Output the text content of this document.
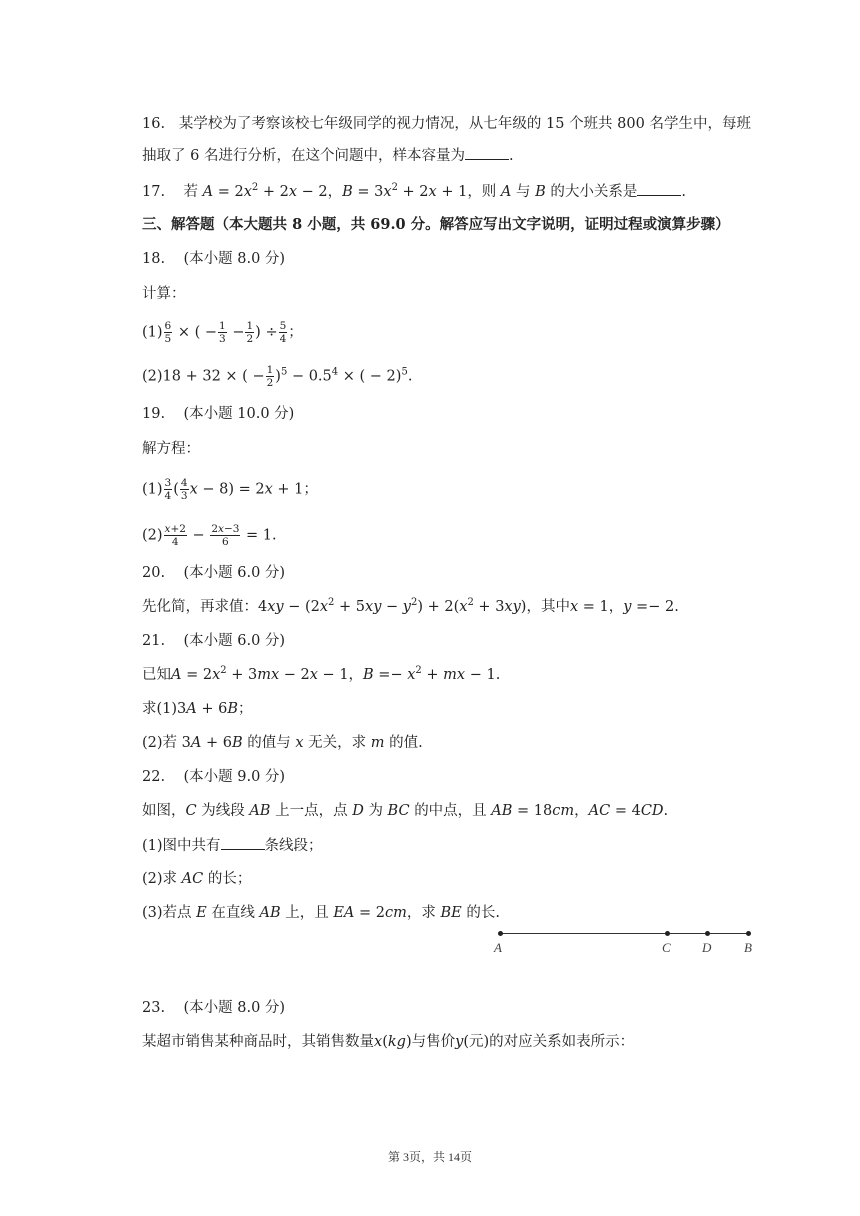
16. 某学校为了考察该校七年级同学的视力情况，从七年级的 15 个班共 800 名学生中，每班抽取了 6 名进行分析，在这个问题中，样本容量为	.
17. 若 $A = 2x^2 + 2x - 2$，$B = 3x^2 + 2x + 1$，则 A 与 B 的大小关系是	.
三、解答题（本大题共 8 小题，共 69.0 分。解答应写出文字说明，证明过程或演算步骤）
18. (本小题 8.0 分)
计算：
$(1) \frac{6}{5}$ × ( − $\frac{1}{3} - \frac{1}{2}$ ) ÷ $\frac{5}{4}$ ；
(2)18 + 32 × ( − $\frac{1}{2} )^5 - 0.5^4$ × ( − 2)$^5$.
19. (本小题 10.0 分)
解方程：
$(1) \frac{3}{4}$ ( $\frac{4}{3}$ x − 8) = 2x + 1；
$(2) \frac{x+2}{4} - \frac{2x-3}{6} = 1$.
20. (本小题 6.0 分)
先化简，再求值：$4xy - (2x^2 + 5xy - y^2) + 2(x^2 + 3xy)$，其中x = 1，y =− 2.
21. (本小题 6.0 分)
已知$A = 2x^2 + 3mx - 2x - 1$，$B =- x^2$ + mx − 1.
求(1)3A + 6B；
(2)若 3A + 6B 的值与 x 无关，求 m 的值.
22. (本小题 9.0 分)
如图，C 为线段 AB 上一点，点 D 为 BC 的中点，且 AB = 18cm，AC = 4CD.
(1)图中共有	条线段；
(2)求 AC 的长；
(3)若点 E 在直线 AB 上，且 EA = 2cm，求 BE 的长.
A	C D	B
23. (本小题 8.0 分)
某超市销售某种商品时，其销售数量x(kg)与售价y(元)的对应关系如表所示：
第 3页，共 14页
